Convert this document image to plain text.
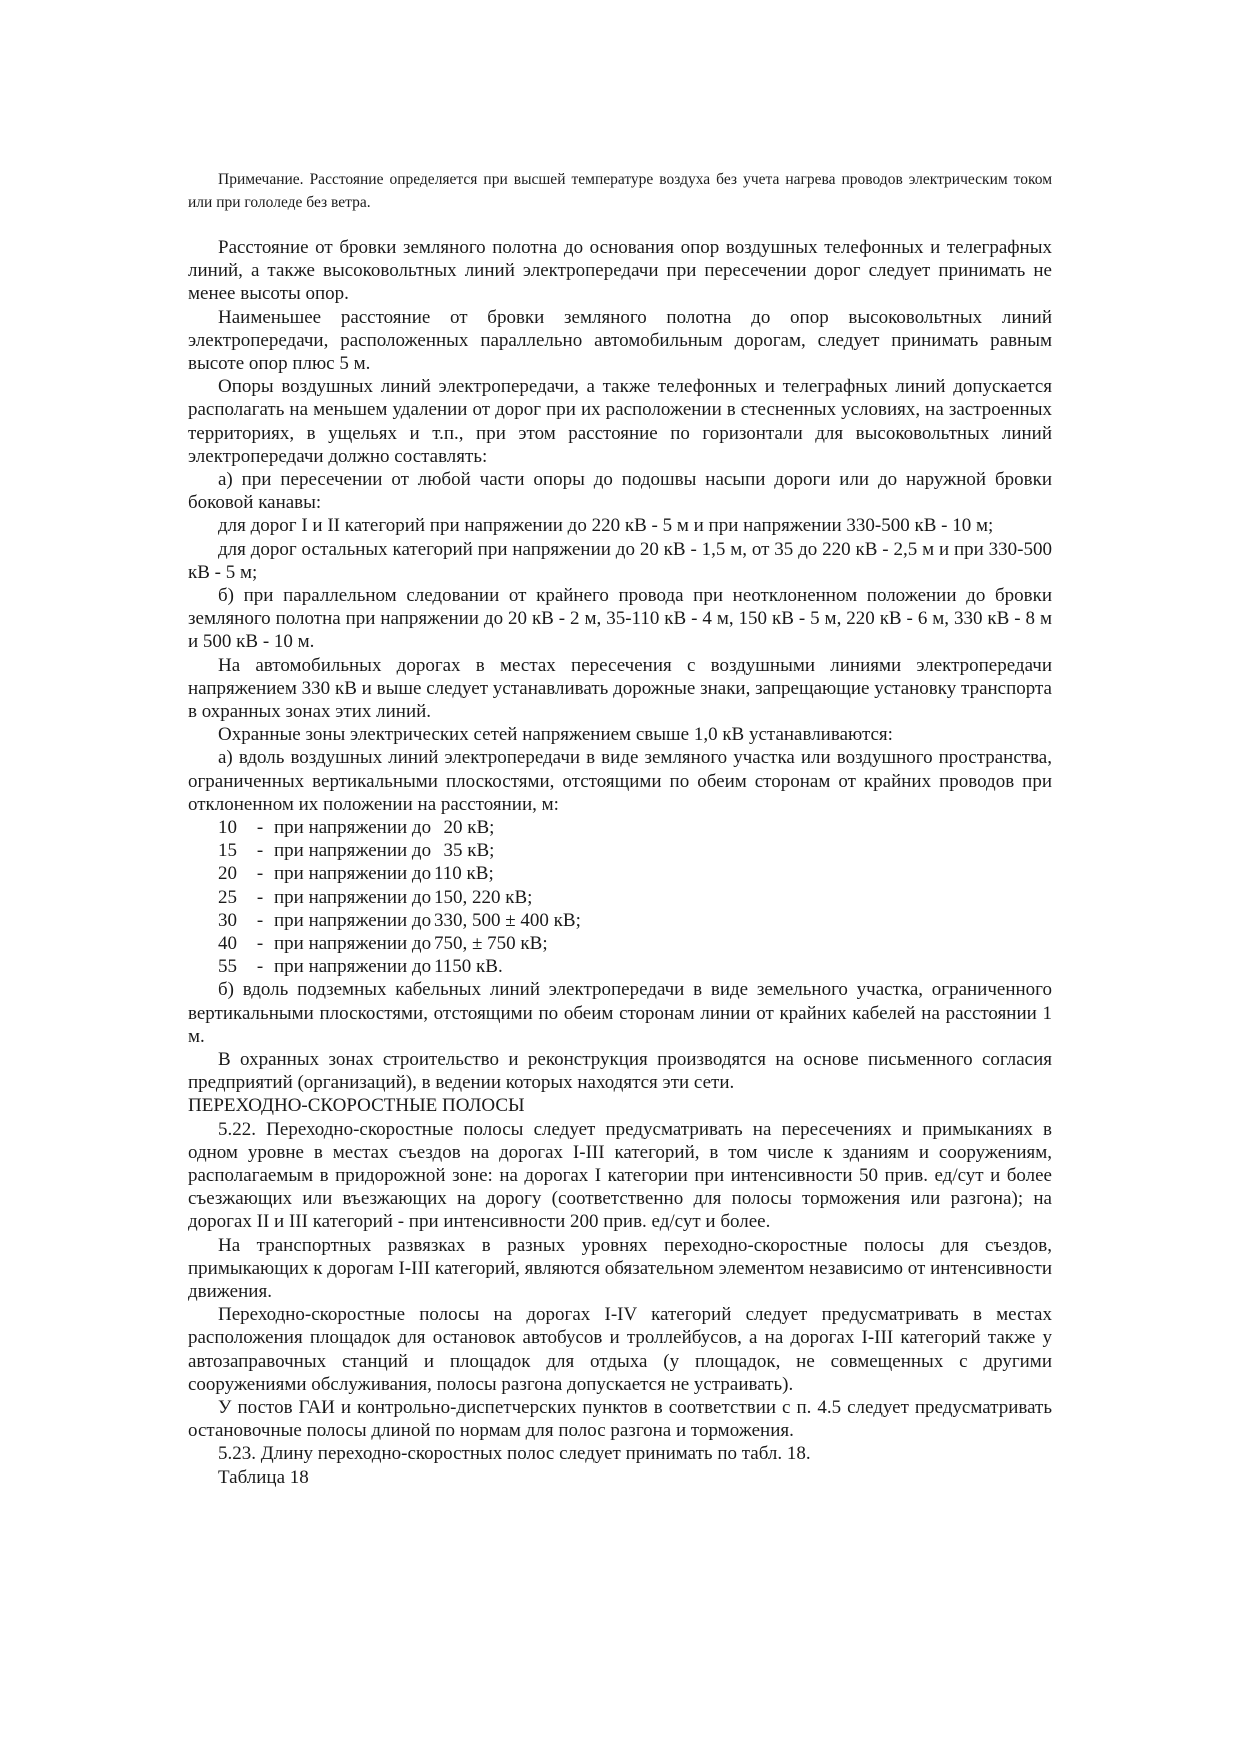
Примечание. Расстояние определяется при высшей температуре воздуха без учета нагрева проводов электрическим током или при гололеде без ветра.

Расстояние от бровки земляного полотна до основания опор воздушных телефонных и телеграфных линий, а также высоковольтных линий электропередачи при пересечении дорог следует принимать не менее высоты опор.

Наименьшее расстояние от бровки земляного полотна до опор высоковольтных линий электропередачи, расположенных параллельно автомобильным дорогам, следует принимать равным высоте опор плюс 5 м.

Опоры воздушных линий электропередачи, а также телефонных и телеграфных линий допускается располагать на меньшем удалении от дорог при их расположении в стесненных условиях, на застроенных территориях, в ущельях и т.п., при этом расстояние по горизонтали для высоковольтных линий электропередачи должно составлять:

а) при пересечении от любой части опоры до подошвы насыпи дороги или до наружной бровки боковой канавы:

для дорог I и II категорий при напряжении до 220 кВ - 5 м и при напряжении 330-500 кВ - 10 м;

для дорог остальных категорий при напряжении до 20 кВ - 1,5 м, от 35 до 220 кВ - 2,5 м и при 330-500 кВ - 5 м;

б) при параллельном следовании от крайнего провода при неотклоненном положении до бровки земляного полотна при напряжении до 20 кВ - 2 м, 35-110 кВ - 4 м, 150 кВ - 5 м, 220 кВ - 6 м, 330 кВ - 8 м и 500 кВ - 10 м.

На автомобильных дорогах в местах пересечения с воздушными линиями электропередачи напряжением 330 кВ и выше следует устанавливать дорожные знаки, запрещающие установку транспорта в охранных зонах этих линий.

Охранные зоны электрических сетей напряжением свыше 1,0 кВ устанавливаются:

а) вдоль воздушных линий электропередачи в виде земляного участка или воздушного пространства, ограниченных вертикальными плоскостями, отстоящими по обеим сторонам от крайних проводов при отклоненном их положении на расстоянии, м:

10	- при напряжении до 20 кВ;
15	- при напряжении до 35 кВ;
20	- при напряжении до 110 кВ;
25	- при напряжении до 150, 220 кВ;
30	- при напряжении до 330, 500 ± 400 кВ;
40	- при напряжении до 750, ± 750 кВ;
55	- при напряжении до 1150 кВ.

б) вдоль подземных кабельных линий электропередачи в виде земельного участка, ограниченного вертикальными плоскостями, отстоящими по обеим сторонам линии от крайних кабелей на расстоянии 1 м.

В охранных зонах строительство и реконструкция производятся на основе письменного согласия предприятий (организаций), в ведении которых находятся эти сети.

ПЕРЕХОДНО-СКОРОСТНЫЕ ПОЛОСЫ

5.22. Переходно-скоростные полосы следует предусматривать на пересечениях и примыканиях в одном уровне в местах съездов на дорогах I-III категорий, в том числе к зданиям и сооружениям, располагаемым в придорожной зоне: на дорогах I категории при интенсивности 50 прив. ед/сут и более съезжающих или въезжающих на дорогу (соответственно для полосы торможения или разгона); на дорогах II и III категорий - при интенсивности 200 прив. ед/сут и более.

На транспортных развязках в разных уровнях переходно-скоростные полосы для съездов, примыкающих к дорогам I-III категорий, являются обязательном элементом независимо от интенсивности движения.

Переходно-скоростные полосы на дорогах I-IV категорий следует предусматривать в местах расположения площадок для остановок автобусов и троллейбусов, а на дорогах I-III категорий также у автозаправочных станций и площадок для отдыха (у площадок, не совмещенных с другими сооружениями обслуживания, полосы разгона допускается не устраивать).

У постов ГАИ и контрольно-диспетчерских пунктов в соответствии с п. 4.5 следует предусматривать остановочные полосы длиной по нормам для полос разгона и торможения.

5.23. Длину переходно-скоростных полос следует принимать по табл. 18.

Таблица 18
